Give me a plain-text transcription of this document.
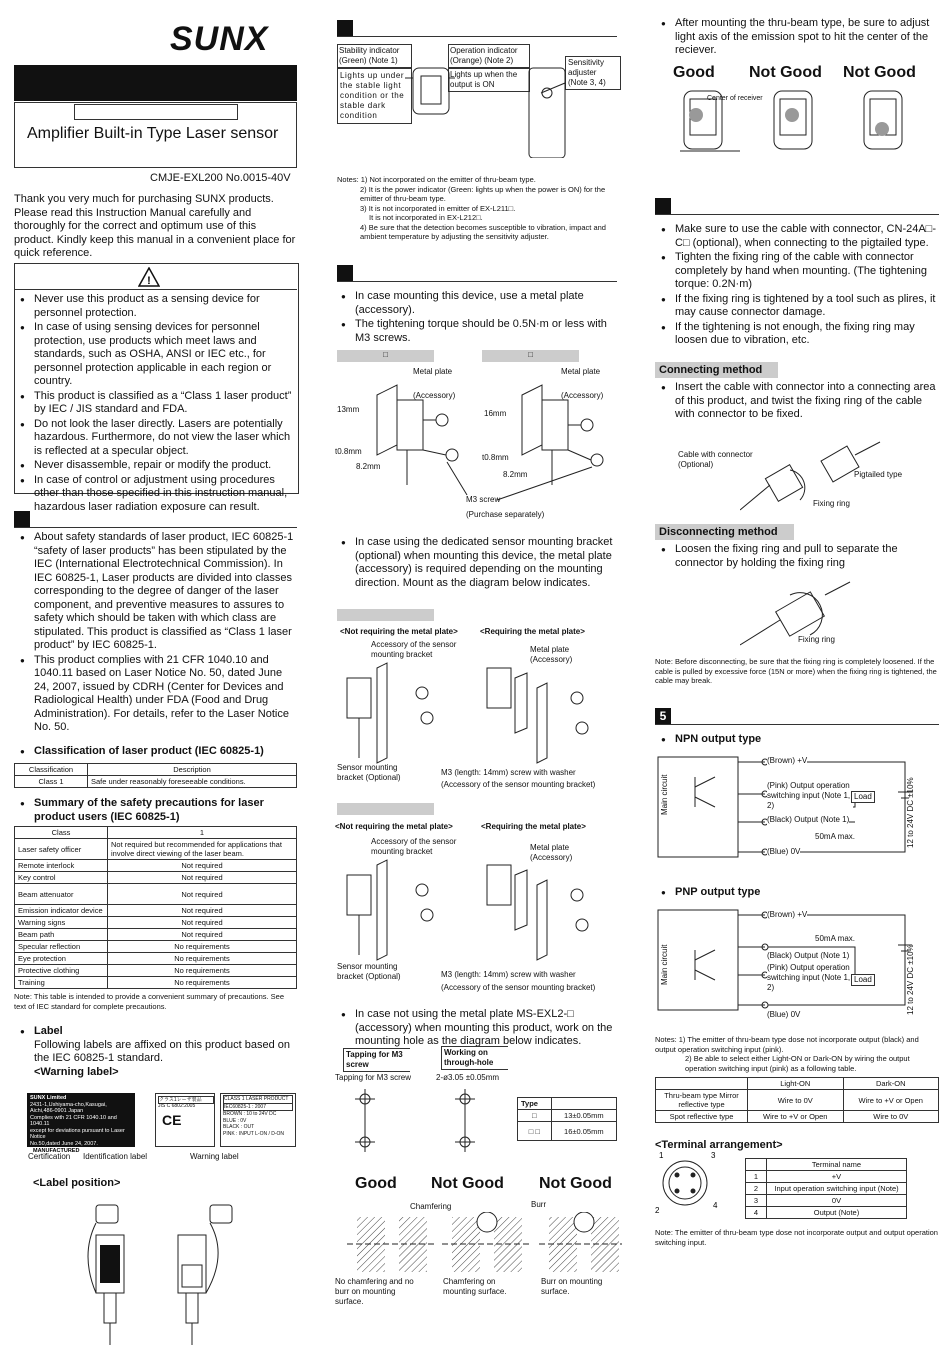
SUNX
Amplifier Built-in Type Laser sensor
CMJE-EXL200 No.0015-40V
Thank you very much for purchasing SUNX products. Please read this Instruction Manual carefully and thoroughly for the correct and optimum use of this product. Kindly keep this manual in a convenient place for quick reference.
!
● Never use this product as a sensing device for personnel protection.
● In case of using sensing devices for personnel protection, use products which meet laws and standards, such as OSHA, ANSI or IEC etc., for personnel protection applicable in each region or country.
● This product is classified as a “Class 1 laser product” by IEC / JIS standard and FDA.
● Do not look the laser directly. Lasers are potentially hazardous. Furthermore, do not view the laser which is reflected at a specular object.
● Never disassemble, repair or modify the product.
● In case of control or adjustment using procedures other than those specified in this instruction manual, hazardous laser radiation exposure can result.
● About safety standards of laser product, IEC 60825-1 “safety of laser products” has been stipulated by the IEC (International Electrotechnical Commission). In IEC 60825-1, Laser products are divided into classes corresponding to the degree of danger of the laser component, and preventive measures to assures to safety which should be taken with which class are stipulated. This product is classified as “Class 1 laser product” by IEC 60825-1.
● This product complies with 21 CFR 1040.10 and 1040.11 based on Laser Notice No. 50, dated June 24, 2007, issued by CDRH (Center for Devices and Radiological Health) under FDA (Food and Drug Administration). For details, refer to the Laser Notice No. 50.
● Classification of laser product (IEC 60825-1)
Classification	Description
Class 1	Safe under reasonably foreseeable conditions.
● Summary of the safety precautions for laser product users (IEC 60825-1)
Class	1
Laser safety officer	Not required but recommended for applications that involve direct viewing of the laser beam.
Remote interlock	Not required
Key control	Not required
Beam attenuator	Not required
Emission indicator device	Not required
Warning signs	Not required
Beam path	Not required
Specular reflection	No requirements
Eye protection	No requirements
Protective clothing	No requirements
Training	No requirements
Note: This table is intended to provide a convenient summary of precautions. See text of IEC standard for complete precautions.
● Label
Following labels are affixed on this product based on the IEC 60825-1 standard.
<Warning label>
SUNX Limited
2431-1,Ushiyama-cho,Kasugai,
Aichi,486-0901 Japan
Complies with 21 CFR 1040.10 and 1040.11
except for deviations pursuant to Laser Notice
No.50,dated June 24, 2007.
MANUFACTURED
CE
クラス1レーザ製品
JIS C 6802:2005
CLASS 1 LASER PRODUCT
IEC60825-1 : 2007
BROWN : 10 to 24V DC
BLUE : 0V
BLACK : OUT
PINK : INPUT L-ON / D-ON
Certification Identification label	Warning label
<Label position>
Stability indicator (Green) (Note 1)
Lights up under the stable light condition or the stable dark condition
Operation indicator (Orange) (Note 2)
Lights up when the output is ON
Sensitivity adjuster (Note 3, 4)
Notes: 1) Not incorporated on the emitter of thru-beam type.
2) It is the power indicator (Green: lights up when the power is ON) for the emitter of thru-beam type.
3) It is not incorporated in emitter of EX-L211□.
It is not incorporated in EX-L212□.
4) Be sure that the detection becomes susceptible to vibration, impact and ambient temperature by adjusting the sensitivity adjuster.
● In case mounting this device, use a metal plate (accessory).
● The tightening torque should be 0.5N·m or less with M3 screws.
□	□
Metal plate
(Accessory)
Metal plate
(Accessory)
13mm	16mm
t0.8mm
t0.8mm
8.2mm
8.2mm
M3 screw
(Purchase separately)
● In case using the dedicated sensor mounting bracket (optional) when mounting this device, the metal plate (accessory) is required depending on the mounting direction. Mount as the diagram below indicates.
<Not requiring the metal plate>	<Requiring the metal plate>
Accessory of the sensor mounting bracket
Metal plate (Accessory)
Sensor mounting bracket (Optional)
M3 (length: 14mm) screw with washer
(Accessory of the sensor mounting bracket)
<Not requiring the metal plate>	<Requiring the metal plate>
Accessory of the sensor mounting bracket	Metal plate (Accessory)
Sensor mounting bracket (Optional)	M3 (length: 14mm) screw with washer
(Accessory of the sensor mounting bracket)
● In case not using the metal plate MS-EXL2-□ (accessory) when mounting this product, work on the mounting hole as the diagram below indicates.
Tapping for M3 screw
Working on through-hole
Tapping for M3 screw	2-ø3.05 ±0.05mm
Type	
□	13±0.05mm
□ □	16±0.05mm
Good Not Good Not Good
Chamfering	Burr
No chamfering and no burr on mounting surface.
Chamfering on mounting surface.
Burr on mounting surface.
● After mounting the thru-beam type, be sure to adjust light axis of the emission spot to hit the center of the reciever.
Good Not Good Not Good
Center of receiver
● Make sure to use the cable with connector, CN-24A□-C□ (optional), when connecting to the pigtailed type.
● Tighten the fixing ring of the cable with connector completely by hand when mounting. (The tightening torque: 0.2N·m)
● If the fixing ring is tightened by a tool such as plires, it may cause connector damage.
● If the tightening is not enough, the fixing ring may loosen due to vibration, etc.
Connecting method
● Insert the cable with connector into a connecting area of this product, and twist the fixing ring of the cable with connector to be fixed.
Cable with connector (Optional)
Pigtailed type
Fixing ring
Disconnecting method
● Loosen the fixing ring and pull to separate the connector by holding the fixing ring
Fixing ring
Note: Before disconnecting, be sure that the fixing ring is completely loosened. If the cable is pulled by excessive force (15N or more) when the fixing ring is tightened, the cable may break.
5
● NPN output type
Main circuit
(Brown) +V
(Pink) Output operation switching input (Note 1, 2)
(Black) Output (Note 1)
Load
50mA max.
(Blue) 0V
12 to 24V DC ±10%
● PNP output type
Main circuit
(Brown) +V
50mA max.
(Black) Output (Note 1)
(Pink) Output operation switching input (Note 1, 2)
Load
(Blue) 0V	12 to 24V DC ±10%
Notes: 1) The emitter of thru-beam type dose not incorporate output (black) and output operation switching input (pink).
2) Be able to select either Light-ON or Dark-ON by wiring the output operation switching input (pink) as a following table.
	Light-ON	Dark-ON
Thru-beam type Mirror reflective type	Wire to 0V	Wire to +V or Open
Spot reflective type	Wire to +V or Open	Wire to 0V
<Terminal arrangement>
1	3
2
4
	Terminal name
1	+V
2	Input operation switching input (Note)
3	0V
4	Output (Note)
Note: The emitter of thru-beam type dose not incorporate output and output operation switching input.
